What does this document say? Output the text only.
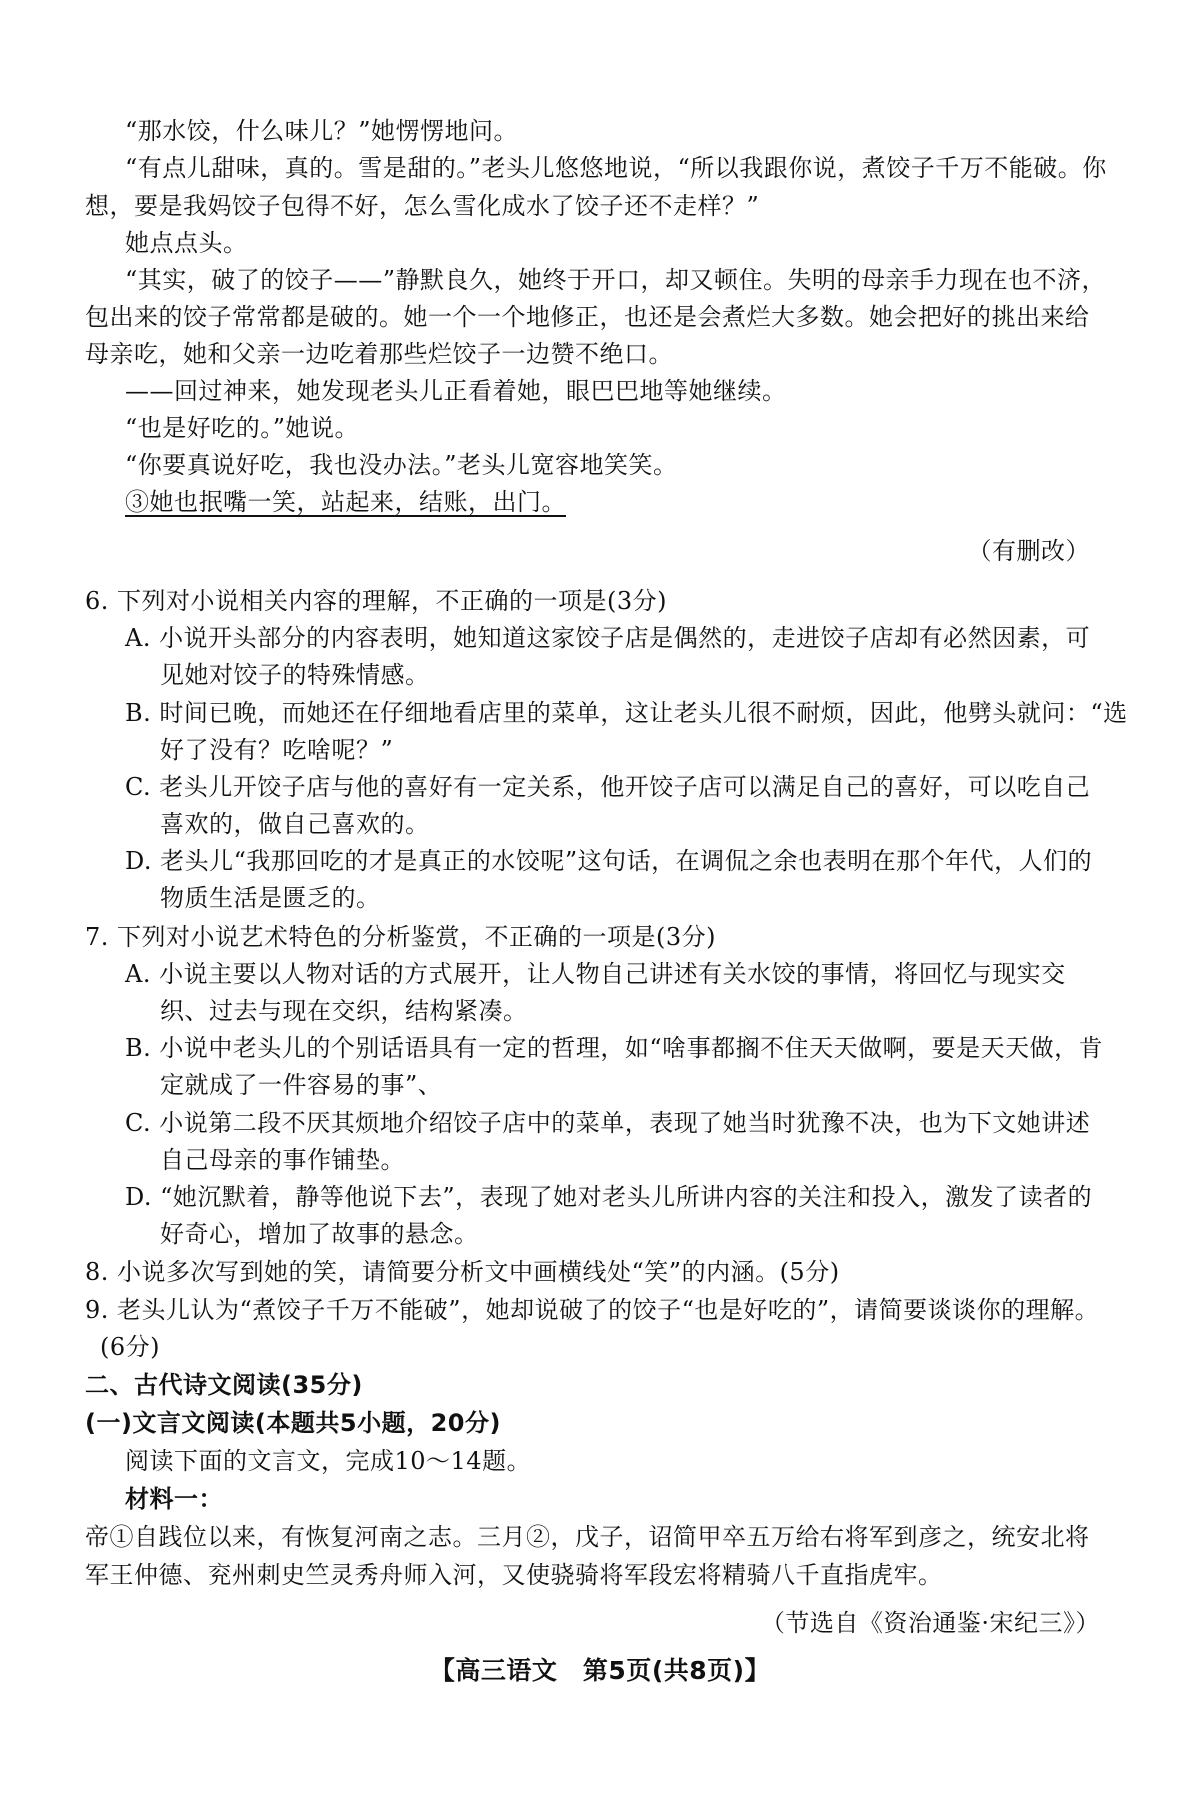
“那水饺，什么味儿？”她愣愣地问。
“有点儿甜味，真的。雪是甜的。”老头儿悠悠地说，“所以我跟你说，煮饺子千万不能破。你
想，要是我妈饺子包得不好，怎么雪化成水了饺子还不走样？”
她点点头。
“其实，破了的饺子——”静默良久，她终于开口，却又顿住。失明的母亲手力现在也不济，
包出来的饺子常常都是破的。她一个一个地修正，也还是会煮烂大多数。她会把好的挑出来给
母亲吃，她和父亲一边吃着那些烂饺子一边赞不绝口。
——回过神来，她发现老头儿正看着她，眼巴巴地等她继续。
“也是好吃的。”她说。
“你要真说好吃，我也没办法。”老头儿宽容地笑笑。
③她也抿嘴一笑，站起来，结账，出门。
（有删改）
6. 下列对小说相关内容的理解，不正确的一项是(3分)
A. 小说开头部分的内容表明，她知道这家饺子店是偶然的，走进饺子店却有必然因素，可
见她对饺子的特殊情感。
B. 时间已晚，而她还在仔细地看店里的菜单，这让老头儿很不耐烦，因此，他劈头就问：“选
好了没有？吃啥呢？”
C. 老头儿开饺子店与他的喜好有一定关系，他开饺子店可以满足自己的喜好，可以吃自己
喜欢的，做自己喜欢的。
D. 老头儿“我那回吃的才是真正的水饺呢”这句话，在调侃之余也表明在那个年代，人们的
物质生活是匮乏的。
7. 下列对小说艺术特色的分析鉴赏，不正确的一项是(3分)
A. 小说主要以人物对话的方式展开，让人物自己讲述有关水饺的事情，将回忆与现实交
织、过去与现在交织，结构紧凑。
B. 小说中老头儿的个别话语具有一定的哲理，如“啥事都搁不住天天做啊，要是天天做，肯
定就成了一件容易的事”、
C. 小说第二段不厌其烦地介绍饺子店中的菜单，表现了她当时犹豫不决，也为下文她讲述
自己母亲的事作铺垫。
D. “她沉默着，静等他说下去”，表现了她对老头儿所讲内容的关注和投入，激发了读者的
好奇心，增加了故事的悬念。
8. 小说多次写到她的笑，请简要分析文中画横线处“笑”的内涵。(5分)
9. 老头儿认为“煮饺子千万不能破”，她却说破了的饺子“也是好吃的”，请简要谈谈你的理解。
(6分)
二、古代诗文阅读(35分)
(一)文言文阅读(本题共5小题，20分)
阅读下面的文言文，完成10～14题。
材料一：
帝①自践位以来，有恢复河南之志。三月②，戊子，诏简甲卒五万给右将军到彦之，统安北将
军王仲德、兖州刺史竺灵秀舟师入河，又使骁骑将军段宏将精骑八千直指虎牢。
（节选自《资治通鉴·宋纪三》）
【高三语文　第5页(共8页)】
